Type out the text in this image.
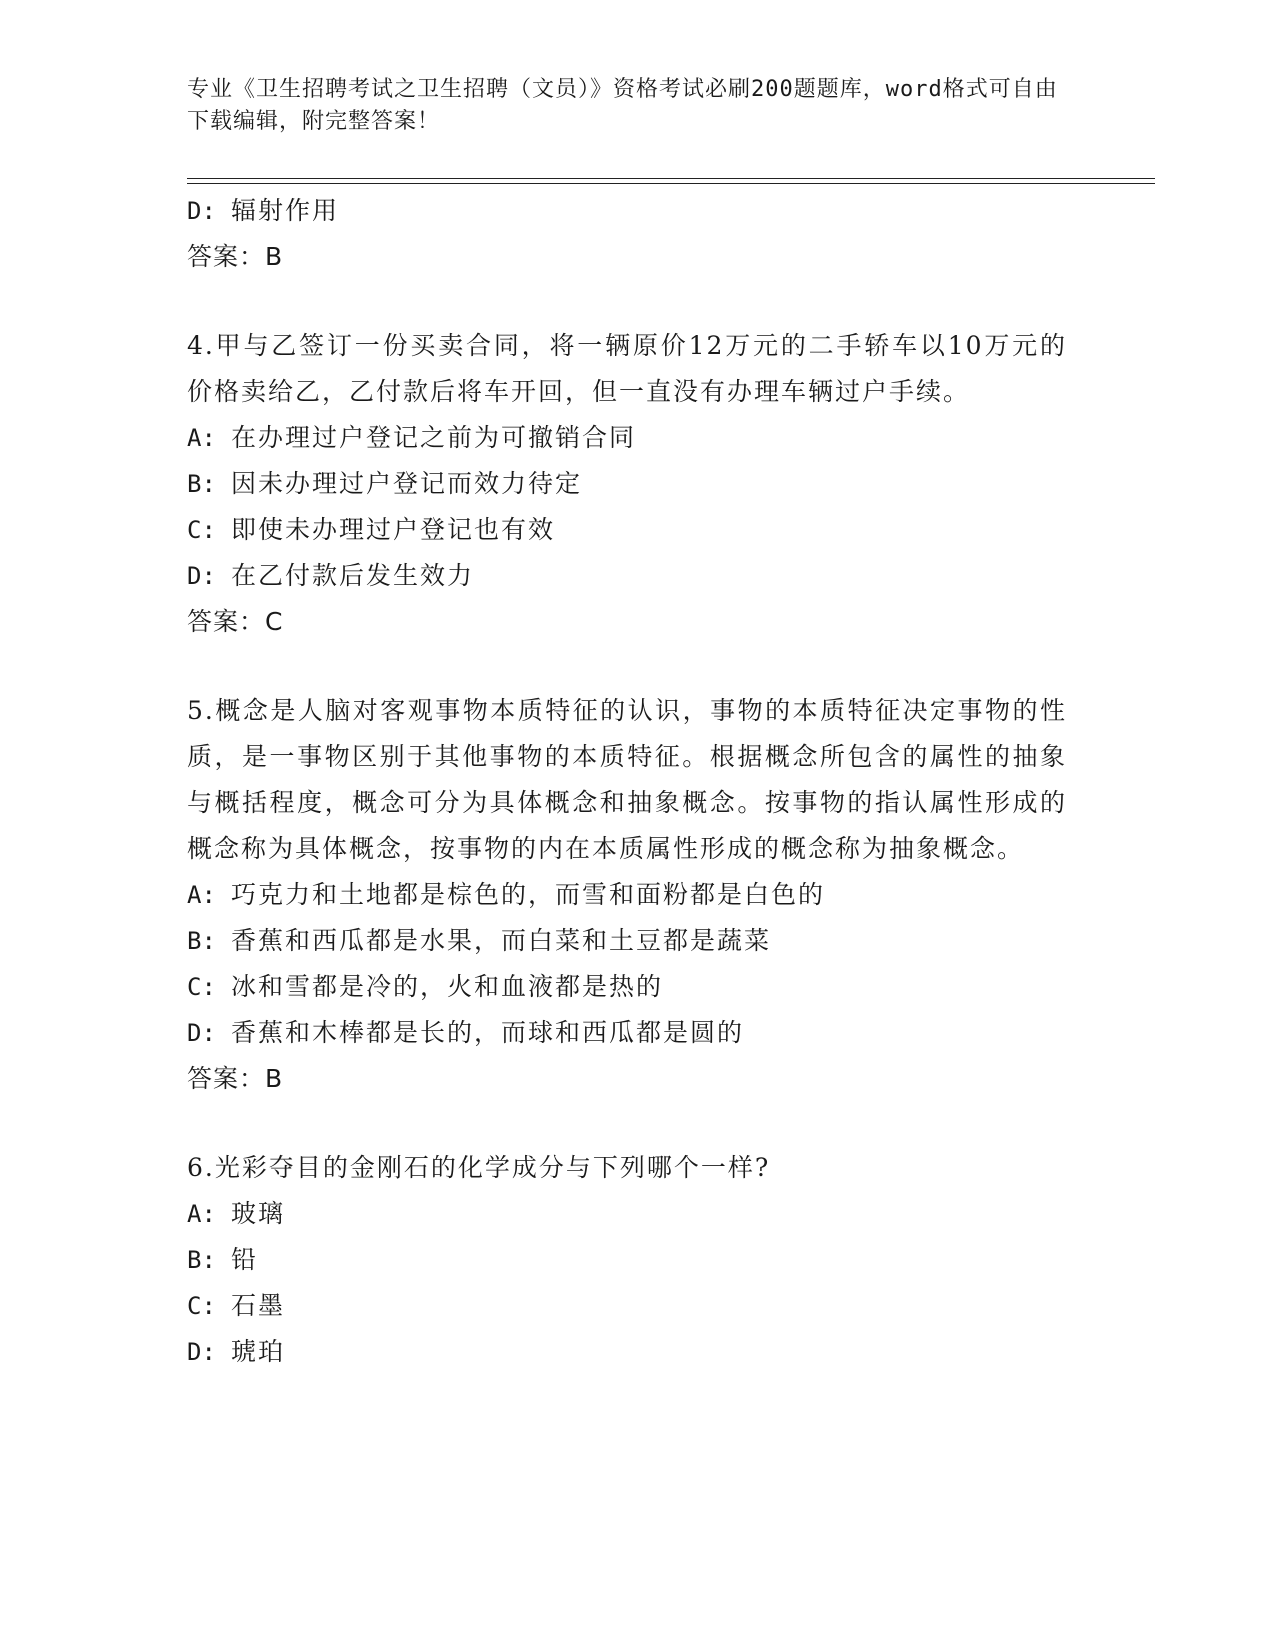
专业《卫生招聘考试之卫生招聘（文员）》资格考试必刷200题题库，word格式可自由下载编辑，附完整答案！
D: 辐射作用
答案：B
4.甲与乙签订一份买卖合同，将一辆原价12万元的二手轿车以10万元的价格卖给乙，乙付款后将车开回，但一直没有办理车辆过户手续。
A: 在办理过户登记之前为可撤销合同
B: 因未办理过户登记而效力待定
C: 即使未办理过户登记也有效
D: 在乙付款后发生效力
答案：C
5.概念是人脑对客观事物本质特征的认识，事物的本质特征决定事物的性质，是一事物区别于其他事物的本质特征。根据概念所包含的属性的抽象与概括程度，概念可分为具体概念和抽象概念。按事物的指认属性形成的概念称为具体概念，按事物的内在本质属性形成的概念称为抽象概念。
A: 巧克力和土地都是棕色的，而雪和面粉都是白色的
B: 香蕉和西瓜都是水果，而白菜和土豆都是蔬菜
C: 冰和雪都是冷的，火和血液都是热的
D: 香蕉和木棒都是长的，而球和西瓜都是圆的
答案：B
6.光彩夺目的金刚石的化学成分与下列哪个一样?
A: 玻璃
B: 铅
C: 石墨
D: 琥珀
